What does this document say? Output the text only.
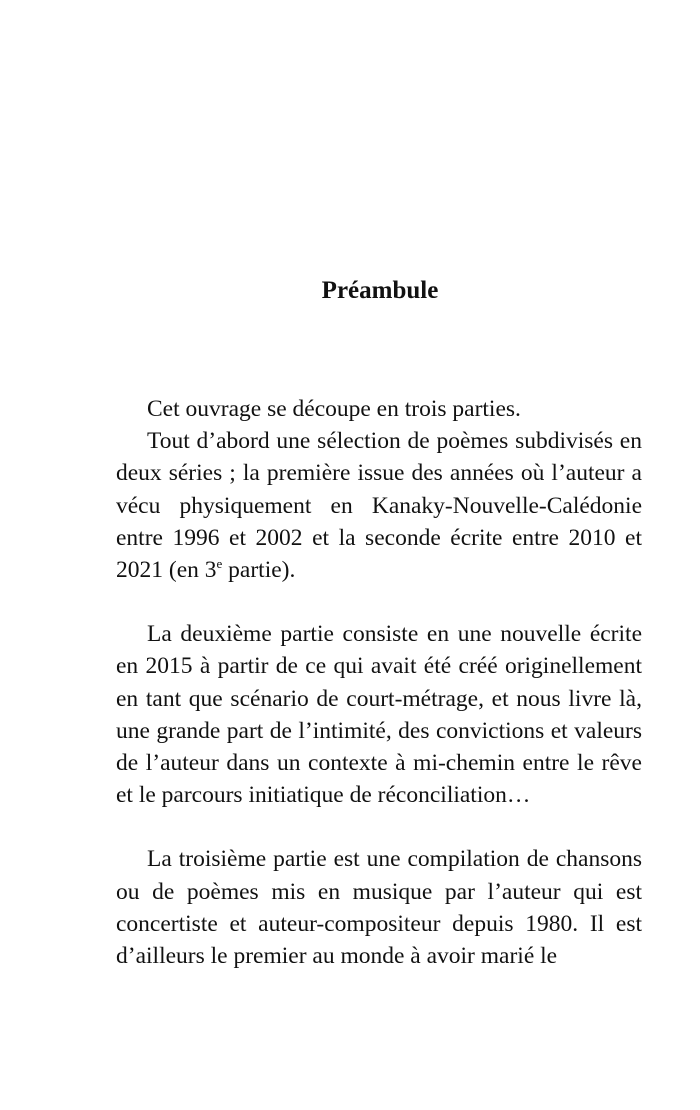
Préambule

Cet ouvrage se découpe en trois parties.

Tout d’abord une sélection de poèmes subdivisés en deux séries ; la première issue des années où l’auteur a vécu physiquement en Kanaky-Nouvelle-Calédonie entre 1996 et 2002 et la seconde écrite entre 2010 et 2021 (en 3e partie).

La deuxième partie consiste en une nouvelle écrite en 2015 à partir de ce qui avait été créé originellement en tant que scénario de court-métrage, et nous livre là, une grande part de l’intimité, des convictions et valeurs de l’auteur dans un contexte à mi-chemin entre le rêve et le parcours initiatique de réconciliation…

La troisième partie est une compilation de chansons ou de poèmes mis en musique par l’auteur qui est concertiste et auteur-compositeur depuis 1980. Il est d’ailleurs le premier au monde à avoir marié le
